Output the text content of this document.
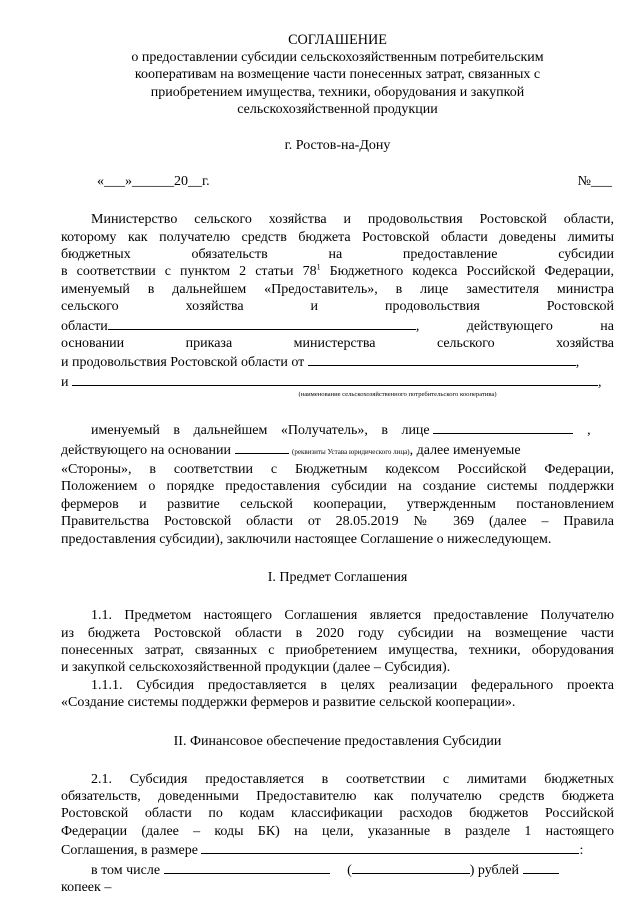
СОГЛАШЕНИЕ
о предоставлении субсидии сельскохозяйственным потребительским
кооперативам на возмещение части понесенных затрат, связанных с
приобретением имущества, техники, оборудования и закупкой
сельскохозяйственной продукции
г. Ростов-на-Дону
«___»______20__г.	№___

Министерство сельского хозяйства и продовольствия Ростовской области,

которому как получателю средств бюджета Ростовской области доведены лимиты

бюджетных обязательств на предоставление субсидии

в соответствии с пунктом 2 статьи $78^1$ Бюджетного кодекса Российской Федерации,

именуемый в дальнейшем «Предоставитель», в лице заместителя министра

сельского хозяйства и продовольствия Ростовской

области	, действующего на

основании приказа министерства сельского хозяйства

и продовольствия Ростовской области от	,

и	,

(наименование сельскохозяйственного потребительского кооператива)

именуемый в дальнейшем «Получатель», в лице	,

действующего на основании	(реквизиты Устава юридического лица), далее именуемые

«Стороны», в соответствии с Бюджетным кодексом Российской Федерации,

Положением о порядке предоставления субсидии на создание системы поддержки

фермеров и развитие сельской кооперации, утвержденным постановлением

Правительства Ростовской области от 28.05.2019 № 369 (далее – Правила

предоставления субсидии), заключили настоящее Соглашение о нижеследующем.

I. Предмет Соглашения

1.1. Предметом настоящего Соглашения является предоставление Получателю

из бюджета Ростовской области в 2020 году субсидии на возмещение части

понесенных затрат, связанных с приобретением имущества, техники, оборудования

и закупкой сельскохозяйственной продукции (далее – Субсидия).

1.1.1. Субсидия предоставляется в целях реализации федерального проекта

«Создание системы поддержки фермеров и развитие сельской кооперации».

II. Финансовое обеспечение предоставления Субсидии

2.1. Субсидия предоставляется в соответствии с лимитами бюджетных

обязательств, доведенными Предоставителю как получателю средств бюджета

Ростовской области по кодам классификации расходов бюджетов Российской

Федерации (далее – коды БК) на цели, указанные в разделе 1 настоящего

Соглашения, в размере	:

в том числе	(	) рублей

копеек –
